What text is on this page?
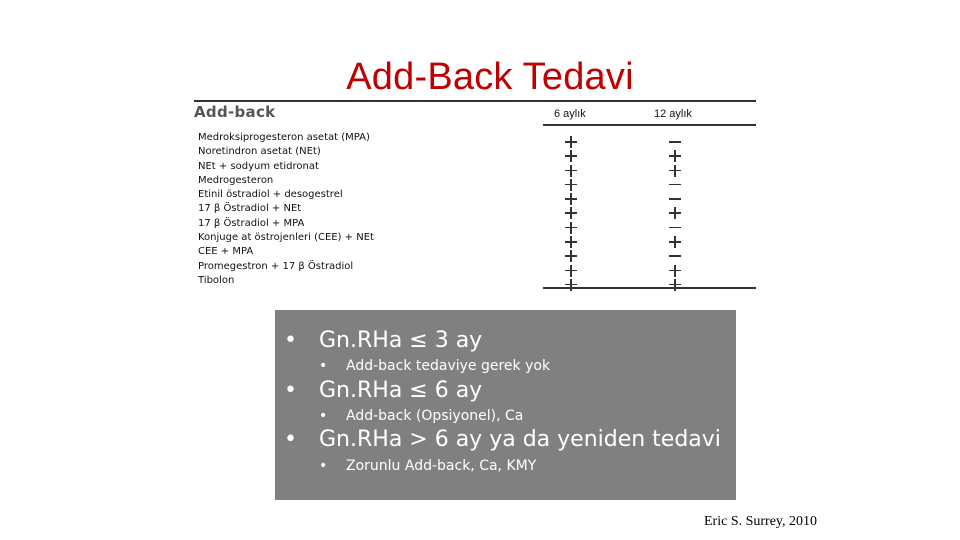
Add-Back Tedavi
Add-back	6 aylık	12 aylık
Medroksiprogesteron asetat (MPA)
Noretindron asetat (NEt)
NEt + sodyum etidronat
Medrogesteron
Etinil östradiol + desogestrel
17 β Östradiol + NEt
17 β Östradiol + MPA
Konjuge at östrojenleri (CEE) + NEt
CEE + MPA
Promegestron + 17 β Östradiol
Tibolon
• Gn.RHa ≤ 3 ay
• Add-back tedaviye gerek yok
• Gn.RHa ≤ 6 ay
• Add-back (Opsiyonel), Ca
• Gn.RHa > 6 ay ya da yeniden tedavi
• Zorunlu Add-back, Ca, KMY
Eric S. Surrey, 2010
